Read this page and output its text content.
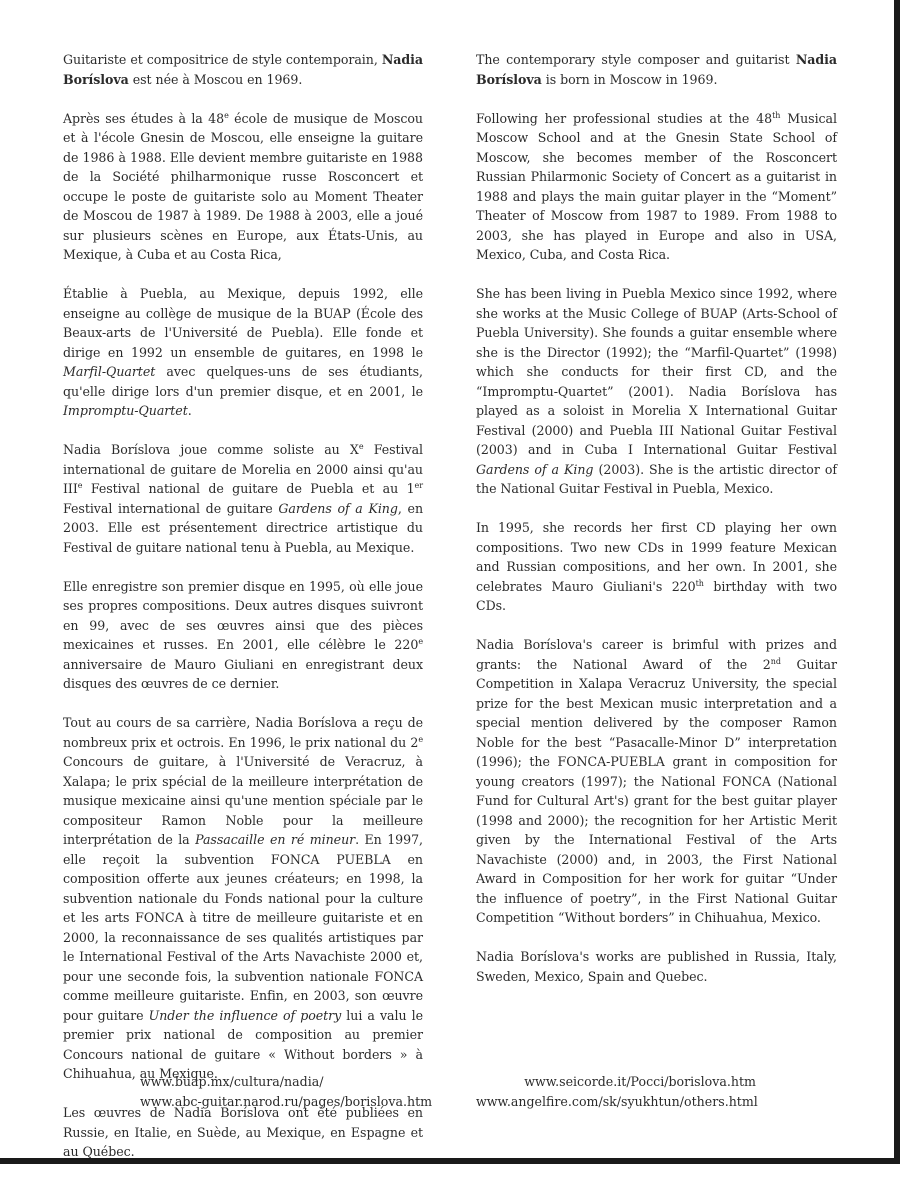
Guitariste et compositrice de style contemporain, Nadia Boríslova est née à Moscou en 1969.

Après ses études à la 48e école de musique de Moscou et à l'école Gnesin de Moscou, elle enseigne la guitare de 1986 à 1988. Elle devient membre guitariste en 1988 de la Société philharmonique russe Rosconcert et occupe le poste de guitariste solo au Moment Theater de Moscou de 1987 à 1989. De 1988 à 2003, elle a joué sur plusieurs scènes en Europe, aux États-Unis, au Mexique, à Cuba et au Costa Rica,

Établie à Puebla, au Mexique, depuis 1992, elle enseigne au collège de musique de la BUAP (École des Beaux-arts de l'Université de Puebla). Elle fonde et dirige en 1992 un ensemble de guitares, en 1998 le Marfil-Quartet avec quelques-uns de ses étudiants, qu'elle dirige lors d'un premier disque, et en 2001, le Impromptu-Quartet.

Nadia Boríslova joue comme soliste au Xe Festival international de guitare de Morelia en 2000 ainsi qu'au IIIe Festival national de guitare de Puebla et au 1er Festival international de guitare Gardens of a King, en 2003. Elle est présentement directrice artistique du Festival de guitare national tenu à Puebla, au Mexique.

Elle enregistre son premier disque en 1995, où elle joue ses propres compositions. Deux autres disques suivront en 99, avec de ses œuvres ainsi que des pièces mexicaines et russes. En 2001, elle célèbre le 220e anniversaire de Mauro Giuliani en enregistrant deux disques des œuvres de ce dernier.

Tout au cours de sa carrière, Nadia Boríslova a reçu de nombreux prix et octrois. En 1996, le prix national du 2e Concours de guitare, à l'Université de Veracruz, à Xalapa; le prix spécial de la meilleure interprétation de musique mexicaine ainsi qu'une mention spéciale par le compositeur Ramon Noble pour la meilleure interprétation de la Passacaille en ré mineur. En 1997, elle reçoit la subvention FONCA PUEBLA en composition offerte aux jeunes créateurs; en 1998, la subvention nationale du Fonds national pour la culture et les arts FONCA à titre de meilleure guitariste et en 2000, la reconnaissance de ses qualités artistiques par le International Festival of the Arts Navachiste 2000 et, pour une seconde fois, la subvention nationale FONCA comme meilleure guitariste. Enfin, en 2003, son œuvre pour guitare Under the influence of poetry lui a valu le premier prix national de composition au premier Concours national de guitare « Without borders » à Chihuahua, au Mexique.

Les œuvres de Nadia Boríslova ont été publiées en Russie, en Italie, en Suède, au Mexique, en Espagne et au Québec.

The contemporary style composer and guitarist Nadia Boríslova is born in Moscow in 1969.

Following her professional studies at the 48th Musical Moscow School and at the Gnesin State School of Moscow, she becomes member of the Rosconcert Russian Philarmonic Society of Concert as a guitarist in 1988 and plays the main guitar player in the “Moment” Theater of Moscow from 1987 to 1989. From 1988 to 2003, she has played in Europe and also in USA, Mexico, Cuba, and Costa Rica.

She has been living in Puebla Mexico since 1992, where she works at the Music College of BUAP (Arts-School of Puebla University). She founds a guitar ensemble where she is the Director (1992); the “Marfil-Quartet” (1998) which she conducts for their first CD, and the “Impromptu-Quartet” (2001). Nadia Boríslova has played as a soloist in Morelia X International Guitar Festival (2000) and Puebla III National Guitar Festival (2003) and in Cuba I International Guitar Festival Gardens of a King (2003). She is the artistic director of the National Guitar Festival in Puebla, Mexico.

In 1995, she records her first CD playing her own compositions. Two new CDs in 1999 feature Mexican and Russian compositions, and her own. In 2001, she celebrates Mauro Giuliani's 220th birthday with two CDs.

Nadia Boríslova's career is brimful with prizes and grants: the National Award of the 2nd Guitar Competition in Xalapa Veracruz University, the special prize for the best Mexican music interpretation and a special mention delivered by the composer Ramon Noble for the best “Pasacalle-Minor D” interpretation (1996); the FONCA-PUEBLA grant in composition for young creators (1997); the National FONCA (National Fund for Cultural Art's) grant for the best guitar player (1998 and 2000); the recognition for her Artistic Merit given by the International Festival of the Arts Navachiste (2000) and, in 2003, the First National Award in Composition for her work for guitar “Under the influence of poetry”, in the First National Guitar Competition “Without borders” in Chihuahua, Mexico.

Nadia Boríslova's works are published in Russia, Italy, Sweden, Mexico, Spain and Quebec.

www.buap.mx/cultura/nadia/
www.abc-guitar.narod.ru/pages/borislova.htm
www.seicorde.it/Pocci/borislova.htm
www.angelfire.com/sk/syukhtun/others.html
